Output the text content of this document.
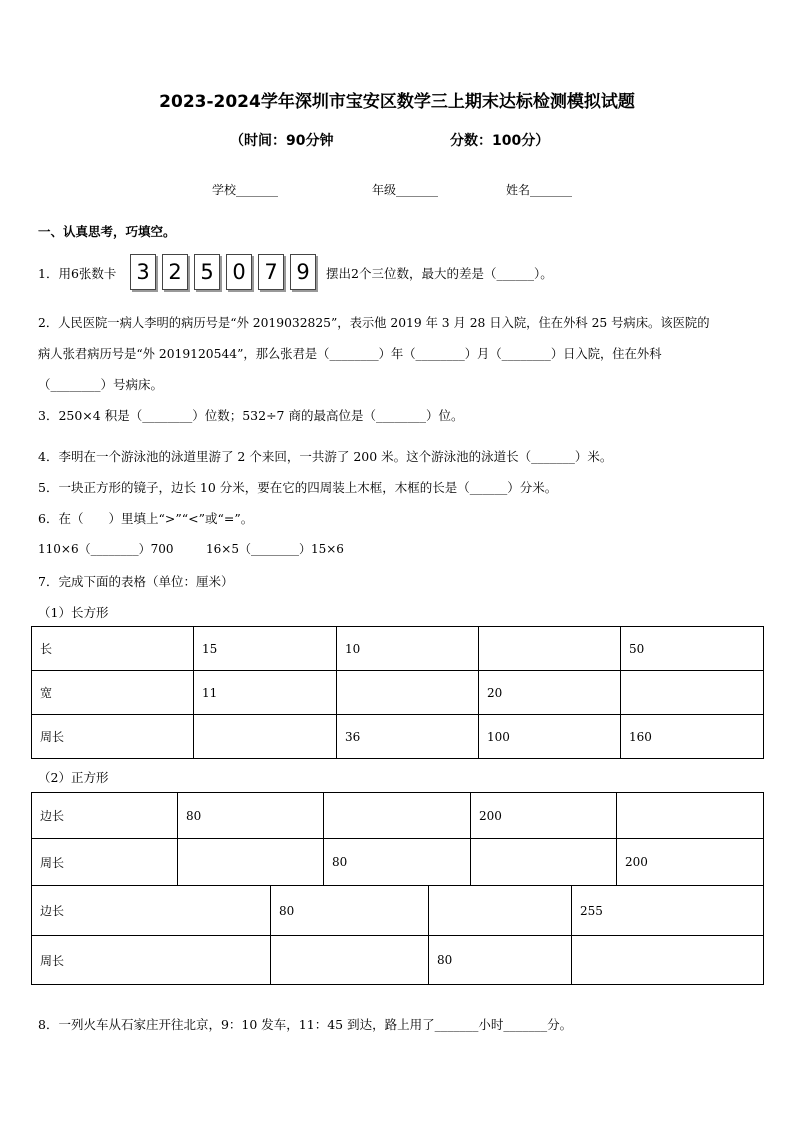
2023-2024学年深圳市宝安区数学三上期末达标检测模拟试题
（时间：90分钟	分数：100分）
学校_______	年级_______	姓名_______
一、认真思考，巧填空。
1．用6张数卡 3 2 5 0 7 9	摆出2个三位数，最大的差是（______）。
2．人民医院一病人李明的病历号是“外 2019032825”，表示他 2019 年 3 月 28 日入院，住在外科 25 号病床。该医院的
病人张君病历号是“外 2019120544”，那么张君是（________）年（________）月（________）日入院，住在外科
（________）号病床。
3．250×4 积是（________）位数；532÷7 商的最高位是（________）位。
4．李明在一个游泳池的泳道里游了 2 个来回，一共游了 200 米。这个游泳池的泳道长（_______）米。
5．一块正方形的镜子，边长 10 分米，要在它的四周装上木框，木框的长是（______）分米。
6．在（　　）里填上“>”“<”或“=”。
110×6（________）700	16×5（________）15×6
7．完成下面的表格（单位：厘米）
（1）长方形
长	15	10		50
宽	11		20	
周长		36	100	160
（2）正方形
边长	80		200	
周长		80		200
边长	80		255
周长		80	
8．一列火车从石家庄开往北京，9：10 发车，11：45 到达，路上用了_______小时_______分。
